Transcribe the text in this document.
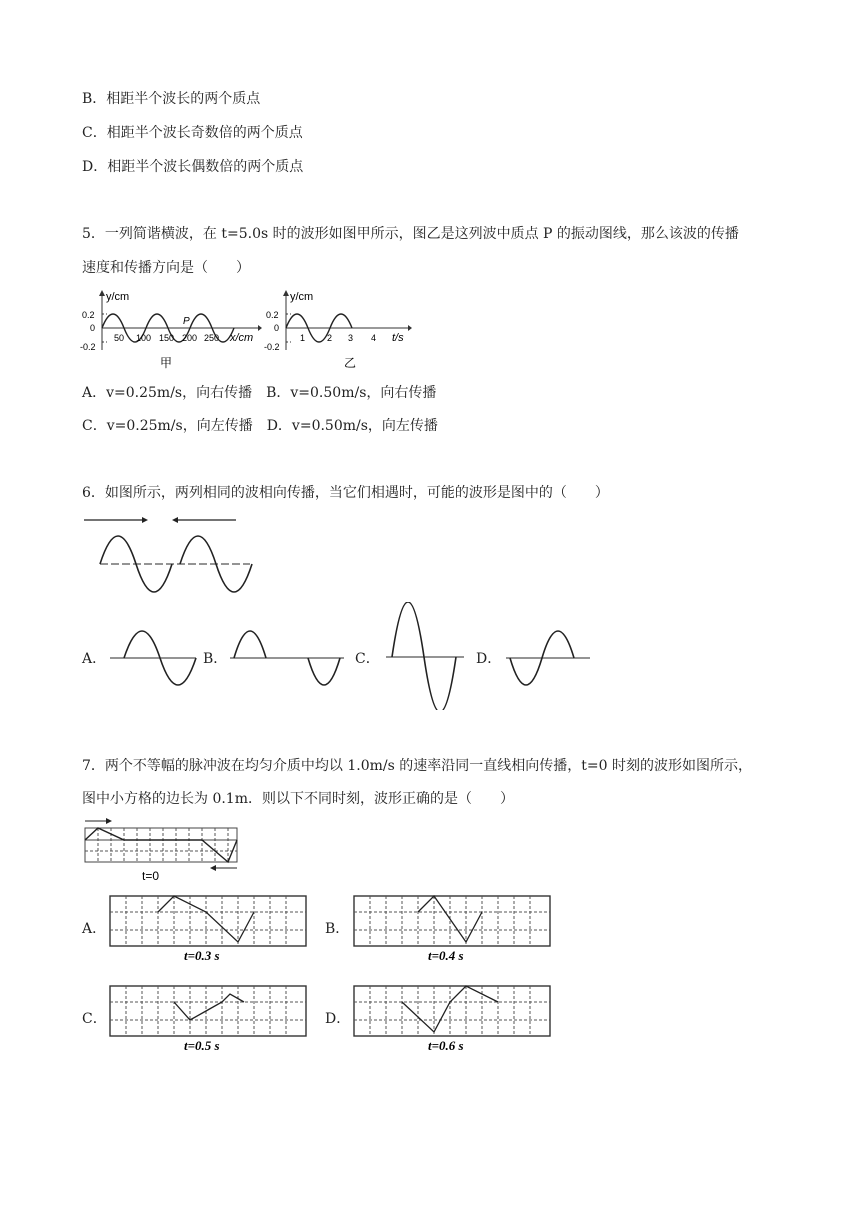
B．相距半个波长的两个质点
C．相距半个波长奇数倍的两个质点
D．相距半个波长偶数倍的两个质点
5．一列简谐横波，在 t=5.0s 时的波形如图甲所示，图乙是这列波中质点 P 的振动图线，那么该波的传播
速度和传播方向是（　　）
y/cm
0.2
0
-0.2
50 100 150 200 250 x/cm
P
甲
y/cm
0.2
0
-0.2
1 2 3 4 t/s
乙
A．v=0.25m/s，向右传播　B．v=0.50m/s，向右传播
C．v=0.25m/s，向左传播　D．v=0.50m/s，向左传播
6．如图所示，两列相同的波相向传播，当它们相遇时，可能的波形是图中的（　　）
A．	B．	C．	D．
7．两个不等幅的脉冲波在均匀介质中均以 1.0m/s 的速率沿同一直线相向传播，t=0 时刻的波形如图所示，
图中小方格的边长为 0.1m．则以下不同时刻，波形正确的是（　　）
t=0
A．
t=0.3 s
B．
t=0.4 s
C．
t=0.5 s
D．
t=0.6 s
